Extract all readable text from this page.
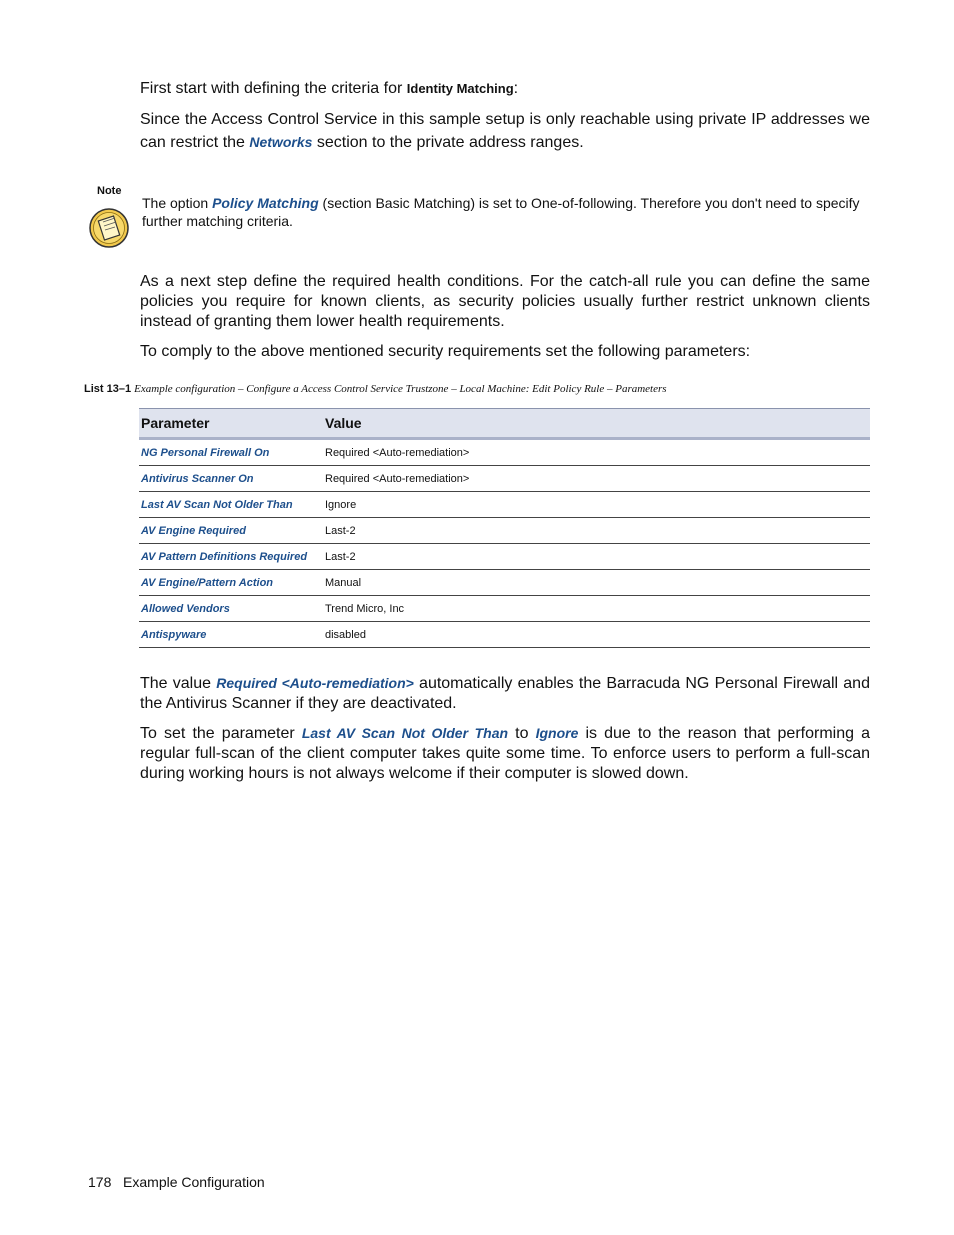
First start with defining the criteria for Identity Matching:

Since the Access Control Service in this sample setup is only reachable using private IP addresses we can restrict the Networks section to the private address ranges.

Note
The option Policy Matching (section Basic Matching) is set to One-of-following. Therefore you don't need to specify further matching criteria.

As a next step define the required health conditions. For the catch-all rule you can define the same policies you require for known clients, as security policies usually further restrict unknown clients instead of granting them lower health requirements.

To comply to the above mentioned security requirements set the following parameters:

List 13–1 Example configuration – Configure a Access Control Service Trustzone – Local Machine: Edit Policy Rule – Parameters
Parameter	Value
NG Personal Firewall On	Required <Auto-remediation>
Antivirus Scanner On	Required <Auto-remediation>
Last AV Scan Not Older Than	Ignore
AV Engine Required	Last-2
AV Pattern Definitions Required	Last-2
AV Engine/Pattern Action	Manual
Allowed Vendors	Trend Micro, Inc
Antispyware	disabled

The value Required <Auto-remediation> automatically enables the Barracuda NG Personal Firewall and the Antivirus Scanner if they are deactivated.

To set the parameter Last AV Scan Not Older Than to Ignore is due to the reason that performing a regular full-scan of the client computer takes quite some time. To enforce users to perform a full-scan during working hours is not always welcome if their computer is slowed down.

178 Example Configuration
